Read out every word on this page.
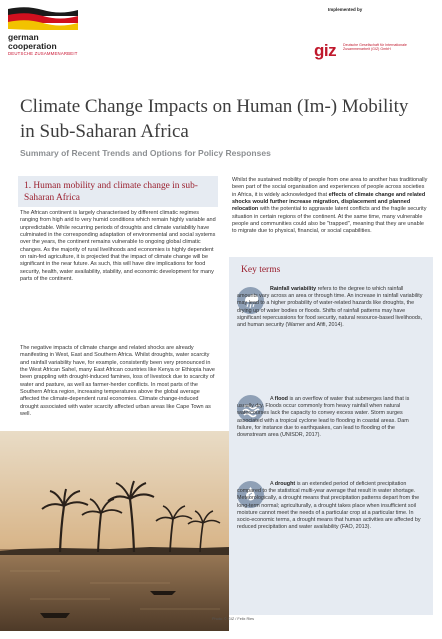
german
cooperation
DEUTSCHE ZUSAMMENARBEIT
Implemented by
giz Deutsche Gesellschaft für Internationale Zusammenarbeit (GIZ) GmbH
Climate Change Impacts on Human (Im-) Mobility in Sub-Saharan Africa
Summary of Recent Trends and Options for Policy Responses
1. Human mobility and climate change in sub-Saharan Africa
The African continent is largely characterised by different climatic regimes ranging from high arid to very humid conditions which remain highly variable and unpredictable. While recurring periods of droughts and climate variability have culminated in the corresponding adaptation of environmental and social systems over the years, the continent remains vulnerable to ongoing global climatic changes. As the majority of rural livelihoods and economies is highly dependent on rain-fed agriculture, it is projected that the impact of climate change will be significant in the near future. As such, this will have dire implications for food security, health, water availability, stability, and economic development for many parts of the continent.
The negative impacts of climate change and related shocks are already manifesting in West, East and Southern Africa. Whilst droughts, water scarcity and rainfall variability have, for example, consistently been very pronounced in the West African Sahel, many East African countries like Kenya or Ethiopia have been grappling with drought-induced famines, loss of livestock due to scarcity of water and pasture, as well as farmer-herder conflicts. In most parts of the Southern Africa region, increasing temperatures above the global average affected the climate-dependent rural economies. Climate change-induced drought associated with water scarcity affected urban areas like Cape Town as well.
Whilst the sustained mobility of people from one area to another has traditionally been part of the social organisation and experiences of people across societies in Africa, it is widely acknowledged that effects of climate change and related shocks would further increase migration, displacement and planned relocation with the potential to aggravate latent conflicts and the fragile security situation in certain regions of the continent. At the same time, many vulnerable people and communities could also be "trapped", meaning that they are unable to migrate due to physical, financial, or social capabilities.
Key terms
Rainfall variability refers to the degree to which rainfall amounts vary across an area or through time. An increase in rainfall variability may lead to a higher probability of water-related hazards like droughts, the drying up of water bodies or floods. Shifts of rainfall patterns may have significant repercussions for food security, natural resource-based livelihoods, and human security (Warner and Afifi, 2014).
A flood is an overflow of water that submerges land that is usually dry. Floods occur commonly from heavy rainfall when natural watercourses lack the capacity to convey excess water. Storm surges associated with a tropical cyclone lead to flooding in coastal areas. Dam failure, for instance due to earthquakes, can lead to flooding of the downstream area (UNISDR, 2017).
A drought is an extended period of deficient precipitation compared to the statistical multi-year average that result in water shortage. Meteorologically, a drought means that precipitation patterns depart from the long-term normal; agriculturally, a drought takes place when insufficient soil moisture cannot meet the needs of a particular crop at a particular time. In socio-economic terms, a drought means that human activities are affected by reduced precipitation and water availability (FAO, 2013).
Photo: © GIZ / Felix Ries
